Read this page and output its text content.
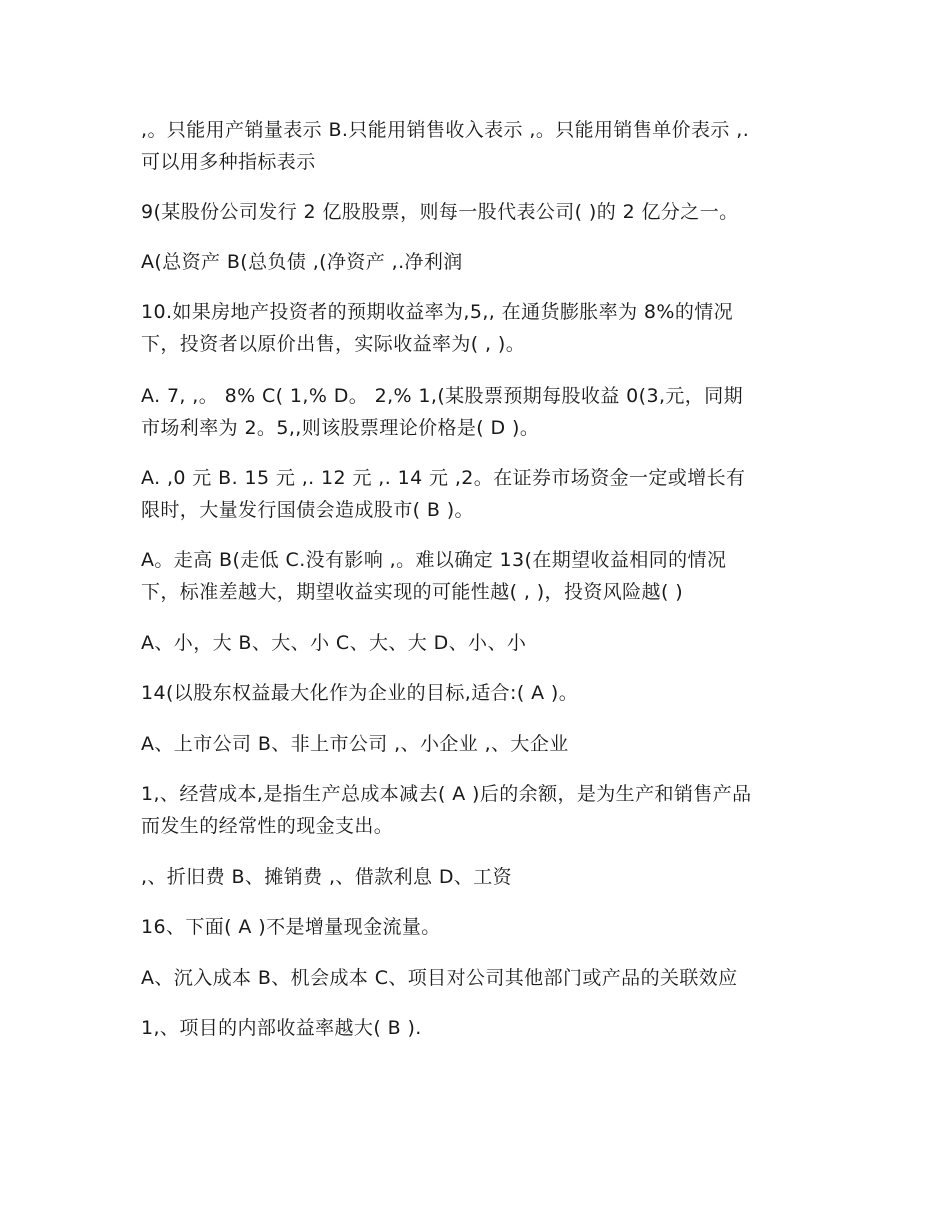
,。只能用产销量表示 B.只能用销售收入表示 ,。只能用销售单价表示 ,.
可以用多种指标表示
9(某股份公司发行 2 亿股股票，则每一股代表公司( )的 2 亿分之一。
A(总资产 B(总负债 ,(净资产 ,.净利润
10.如果房地产投资者的预期收益率为,5,, 在通货膨胀率为 8%的情况
下，投资者以原价出售，实际收益率为( , )。
A. 7, ,。 8% C( 1,% D。 2,% 1,(某股票预期每股收益 0(3,元，同期
市场利率为 2。5,,则该股票理论价格是( D )。
A. ,0 元 B. 15 元 ,. 12 元 ,. 14 元 ,2。在证券市场资金一定或增长有
限时，大量发行国债会造成股市( B )。
A。走高 B(走低 C.没有影响 ,。难以确定 13(在期望收益相同的情况
下，标准差越大，期望收益实现的可能性越( , )，投资风险越( )
A、小，大 B、大、小 C、大、大 D、小、小
14(以股东权益最大化作为企业的目标,适合:( A )。
A、上市公司 B、非上市公司 ,、小企业 ,、大企业
1,、经营成本,是指生产总成本减去( A )后的余额，是为生产和销售产品
而发生的经常性的现金支出。
,、折旧费 B、摊销费 ,、借款利息 D、工资
16、下面( A )不是增量现金流量。
A、沉入成本 B、机会成本 C、项目对公司其他部门或产品的关联效应
1,、项目的内部收益率越大( B ).
